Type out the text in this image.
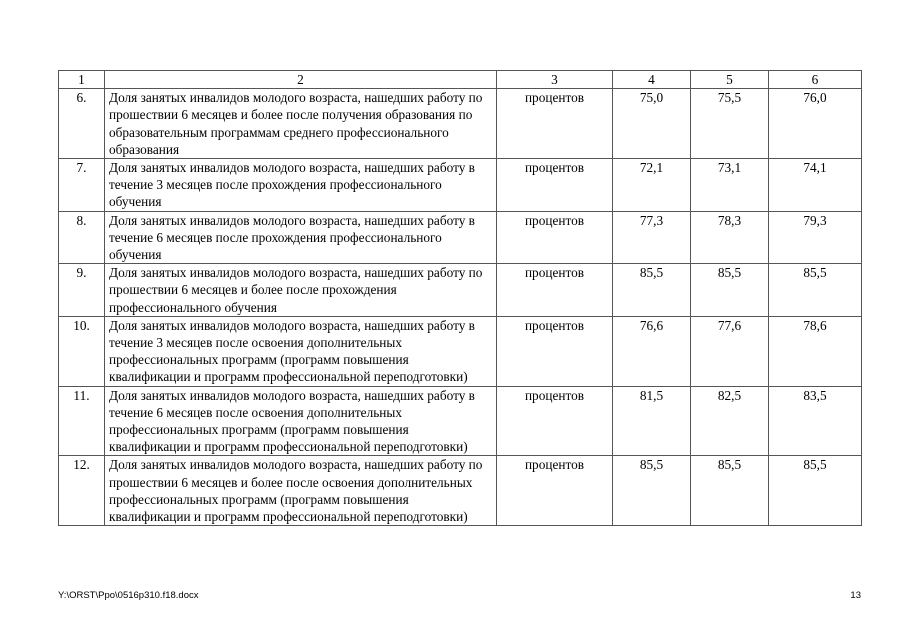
1	2	3	4	5	6
6.	Доля занятых инвалидов молодого возраста, нашедших работу по прошествии 6 месяцев и более после получения образования по образовательным программам среднего профессионального образования	процентов	75,0	75,5	76,0
7.	Доля занятых инвалидов молодого возраста, нашедших работу в течение 3 месяцев после прохождения профессионального обучения	процентов	72,1	73,1	74,1
8.	Доля занятых инвалидов молодого возраста, нашедших работу в течение 6 месяцев после прохождения профессионального обучения	процентов	77,3	78,3	79,3
9.	Доля занятых инвалидов молодого возраста, нашедших работу по прошествии 6 месяцев и более после прохождения профессионального обучения	процентов	85,5	85,5	85,5
10.	Доля занятых инвалидов молодого возраста, нашедших работу в течение 3 месяцев после освоения дополнительных профессиональных программ (программ повышения квалификации и программ профессиональной переподготовки)	процентов	76,6	77,6	78,6
11.	Доля занятых инвалидов молодого возраста, нашедших работу в течение 6 месяцев после освоения дополнительных профессиональных программ (программ повышения квалификации и программ профессиональной переподготовки)	процентов	81,5	82,5	83,5
12.	Доля занятых инвалидов молодого возраста, нашедших работу по прошествии 6 месяцев и более после освоения дополнительных профессиональных программ (программ повышения квалификации и программ профессиональной переподготовки)	процентов	85,5	85,5	85,5
Y:\ORST\Ppo\0516p310.f18.docx	13
